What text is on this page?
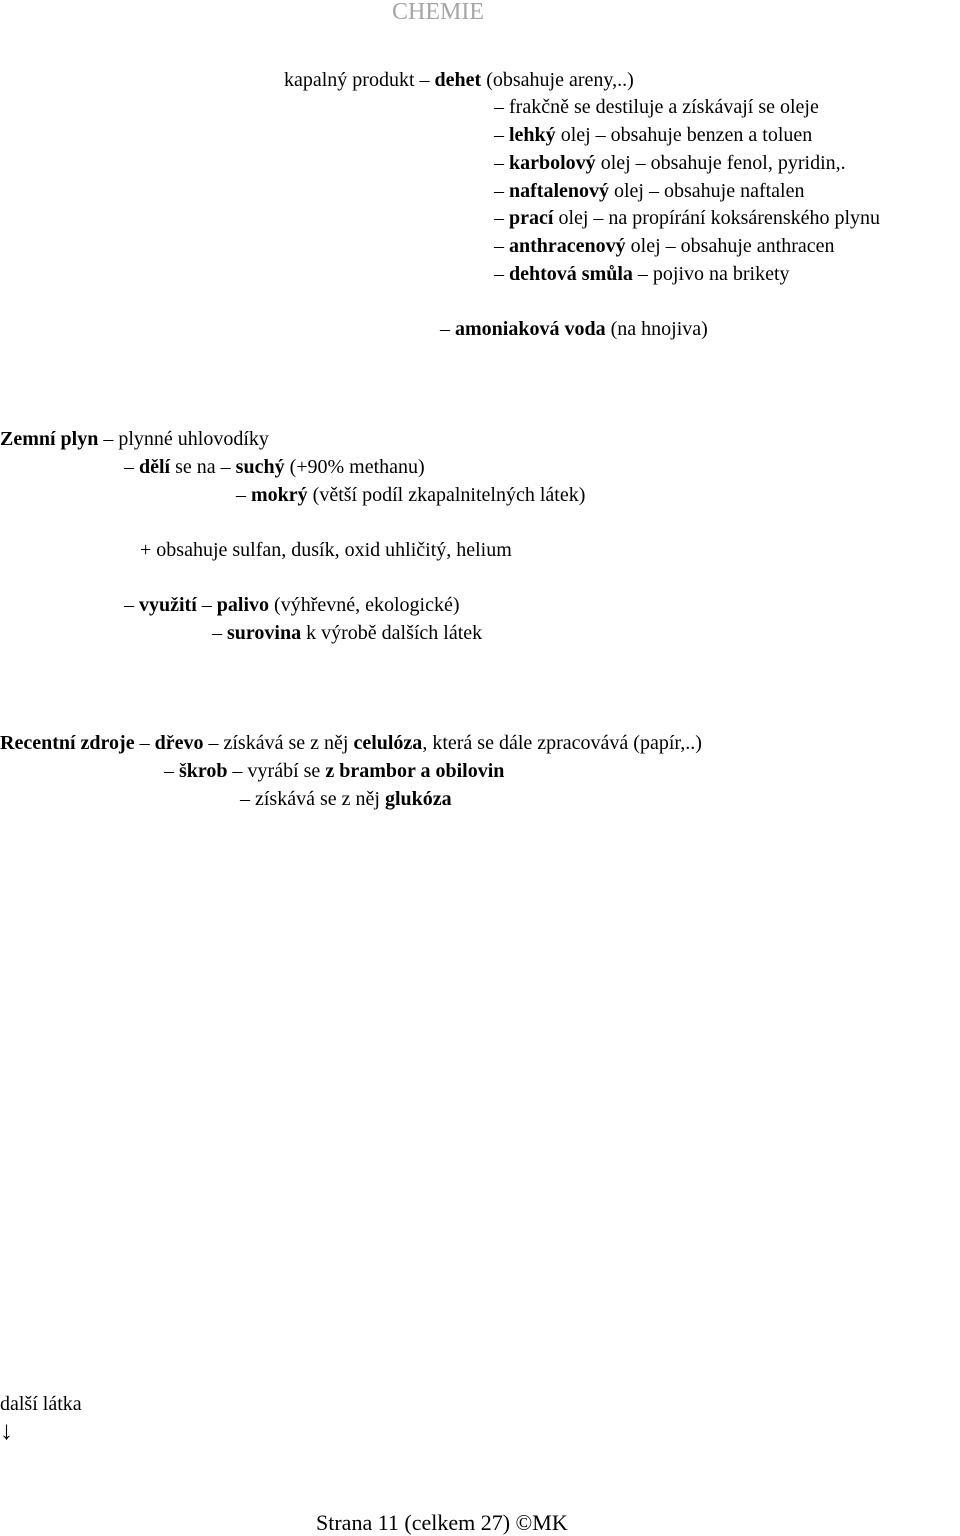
CHEMIE
kapalný produkt – dehet (obsahuje areny,..)
– frakčně se destiluje a získávají se oleje
– lehký olej – obsahuje benzen a toluen
– karbolový olej – obsahuje fenol, pyridin,.
– naftalenový olej – obsahuje naftalen
– prací olej – na propírání koksárenského plynu
– anthracenový olej – obsahuje anthracen
– dehtová smůla – pojivo na brikety
– amoniaková voda (na hnojiva)
Zemní plyn – plynné uhlovodíky
– dělí se na – suchý (+90% methanu)
– mokrý (větší podíl zkapalnitelných látek)
+ obsahuje sulfan, dusík, oxid uhličitý, helium
– využití – palivo (výhřevné, ekologické)
– surovina k výrobě dalších látek
Recentní zdroje – dřevo – získává se z něj celulóza, která se dále zpracovává (papír,..)
– škrob – vyrábí se z brambor a obilovin
– získává se z něj glukóza
další látka
↓
Strana 11 (celkem 27) ©MK
